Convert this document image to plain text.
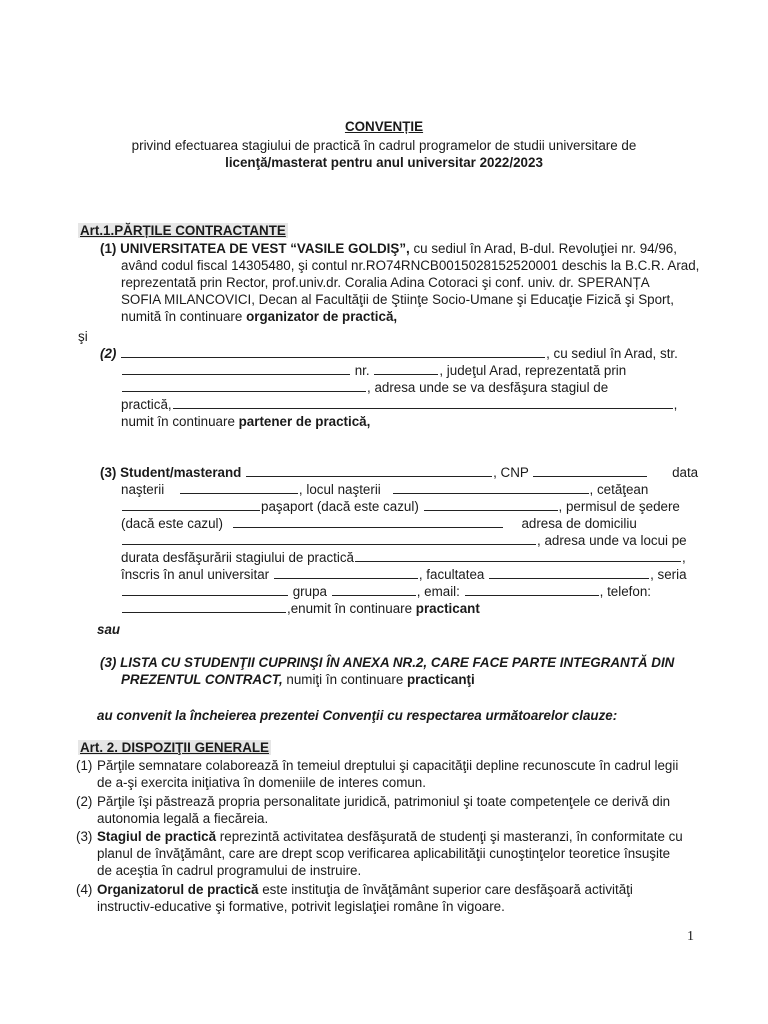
CONVENȚIE
privind efectuarea stagiului de practică în cadrul programelor de studii universitare de
licenţă/masterat pentru anul universitar 2022/2023
Art.1.PĂRȚILE CONTRACTANTE
(1) UNIVERSITATEA DE VEST “VASILE GOLDIŞ”, cu sediul în Arad, B-dul. Revoluţiei nr. 94/96,
având codul fiscal 14305480, şi contul nr.RO74RNCB0015028152520001 deschis la B.C.R. Arad,
reprezentată prin Rector, prof.univ.dr. Coralia Adina Cotoraci şi conf. univ. dr. SPERANȚA
SOFIA MILANCOVICI, Decan al Facultăţii de Ştiinţe Socio-Umane şi Educaţie Fizică şi Sport,
numită în continuare organizator de practică,
şi
(2)	, cu sediul în Arad, str.
nr.	, judeţul Arad, reprezentată prin
, adresa unde se va desfăşura stagiul de
practică,	,
numit în continuare partener de practică,
(3) Student/masterand	, CNP	data
naşterii	, locul naşterii	, cetăţean
paşaport (dacă este cazul)	, permisul de şedere
(dacă este cazul)	adresa de domiciliu
, adresa unde va locui pe
durata desfăşurării stagiului de practică	,
înscris în anul universitar	, facultatea	, seria
grupa	, email:	, telefon:
,enumit în continuare practicant
sau
(3) LISTA CU STUDENŢII CUPRINŞI ÎN ANEXA NR.2, CARE FACE PARTE INTEGRANTĂ DIN
PREZENTUL CONTRACT, numiţi în continuare practicanţi
au convenit la încheierea prezentei Convenţii cu respectarea următoarelor clauze:
Art. 2. DISPOZIŢII GENERALE
(1) Părţile semnatare colaborează în temeiul dreptului şi capacităţii depline recunoscute în cadrul legii
de a-şi exercita iniţiativa în domeniile de interes comun.
(2) Părţile îşi păstrează propria personalitate juridică, patrimoniul şi toate competenţele ce derivă din
autonomia legală a fiecăreia.
(3) Stagiul de practică reprezintă activitatea desfăşurată de studenţi şi masteranzi, în conformitate cu
planul de învăţământ, care are drept scop verificarea aplicabilităţii cunoştinţelor teoretice însuşite
de aceştia în cadrul programului de instruire.
(4) Organizatorul de practică este instituţia de învăţământ superior care desfăşoară activităţi
instructiv-educative şi formative, potrivit legislaţiei române în vigoare.
1
